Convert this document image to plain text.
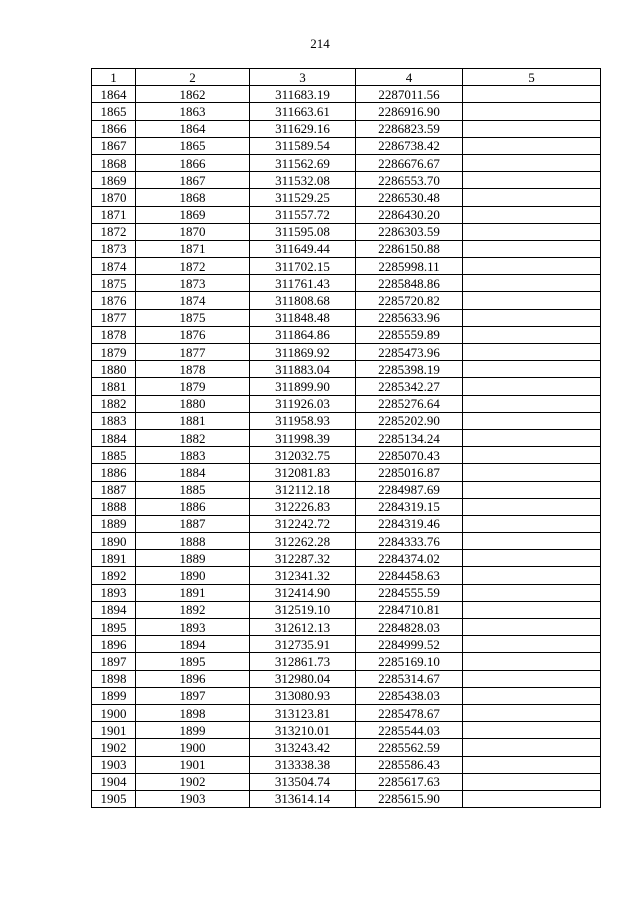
214
1	2	3	4	5
1864	1862	311683.19	2287011.56	
1865	1863	311663.61	2286916.90	
1866	1864	311629.16	2286823.59	
1867	1865	311589.54	2286738.42	
1868	1866	311562.69	2286676.67	
1869	1867	311532.08	2286553.70	
1870	1868	311529.25	2286530.48	
1871	1869	311557.72	2286430.20	
1872	1870	311595.08	2286303.59	
1873	1871	311649.44	2286150.88	
1874	1872	311702.15	2285998.11	
1875	1873	311761.43	2285848.86	
1876	1874	311808.68	2285720.82	
1877	1875	311848.48	2285633.96	
1878	1876	311864.86	2285559.89	
1879	1877	311869.92	2285473.96	
1880	1878	311883.04	2285398.19	
1881	1879	311899.90	2285342.27	
1882	1880	311926.03	2285276.64	
1883	1881	311958.93	2285202.90	
1884	1882	311998.39	2285134.24	
1885	1883	312032.75	2285070.43	
1886	1884	312081.83	2285016.87	
1887	1885	312112.18	2284987.69	
1888	1886	312226.83	2284319.15	
1889	1887	312242.72	2284319.46	
1890	1888	312262.28	2284333.76	
1891	1889	312287.32	2284374.02	
1892	1890	312341.32	2284458.63	
1893	1891	312414.90	2284555.59	
1894	1892	312519.10	2284710.81	
1895	1893	312612.13	2284828.03	
1896	1894	312735.91	2284999.52	
1897	1895	312861.73	2285169.10	
1898	1896	312980.04	2285314.67	
1899	1897	313080.93	2285438.03	
1900	1898	313123.81	2285478.67	
1901	1899	313210.01	2285544.03	
1902	1900	313243.42	2285562.59	
1903	1901	313338.38	2285586.43	
1904	1902	313504.74	2285617.63	
1905	1903	313614.14	2285615.90	
